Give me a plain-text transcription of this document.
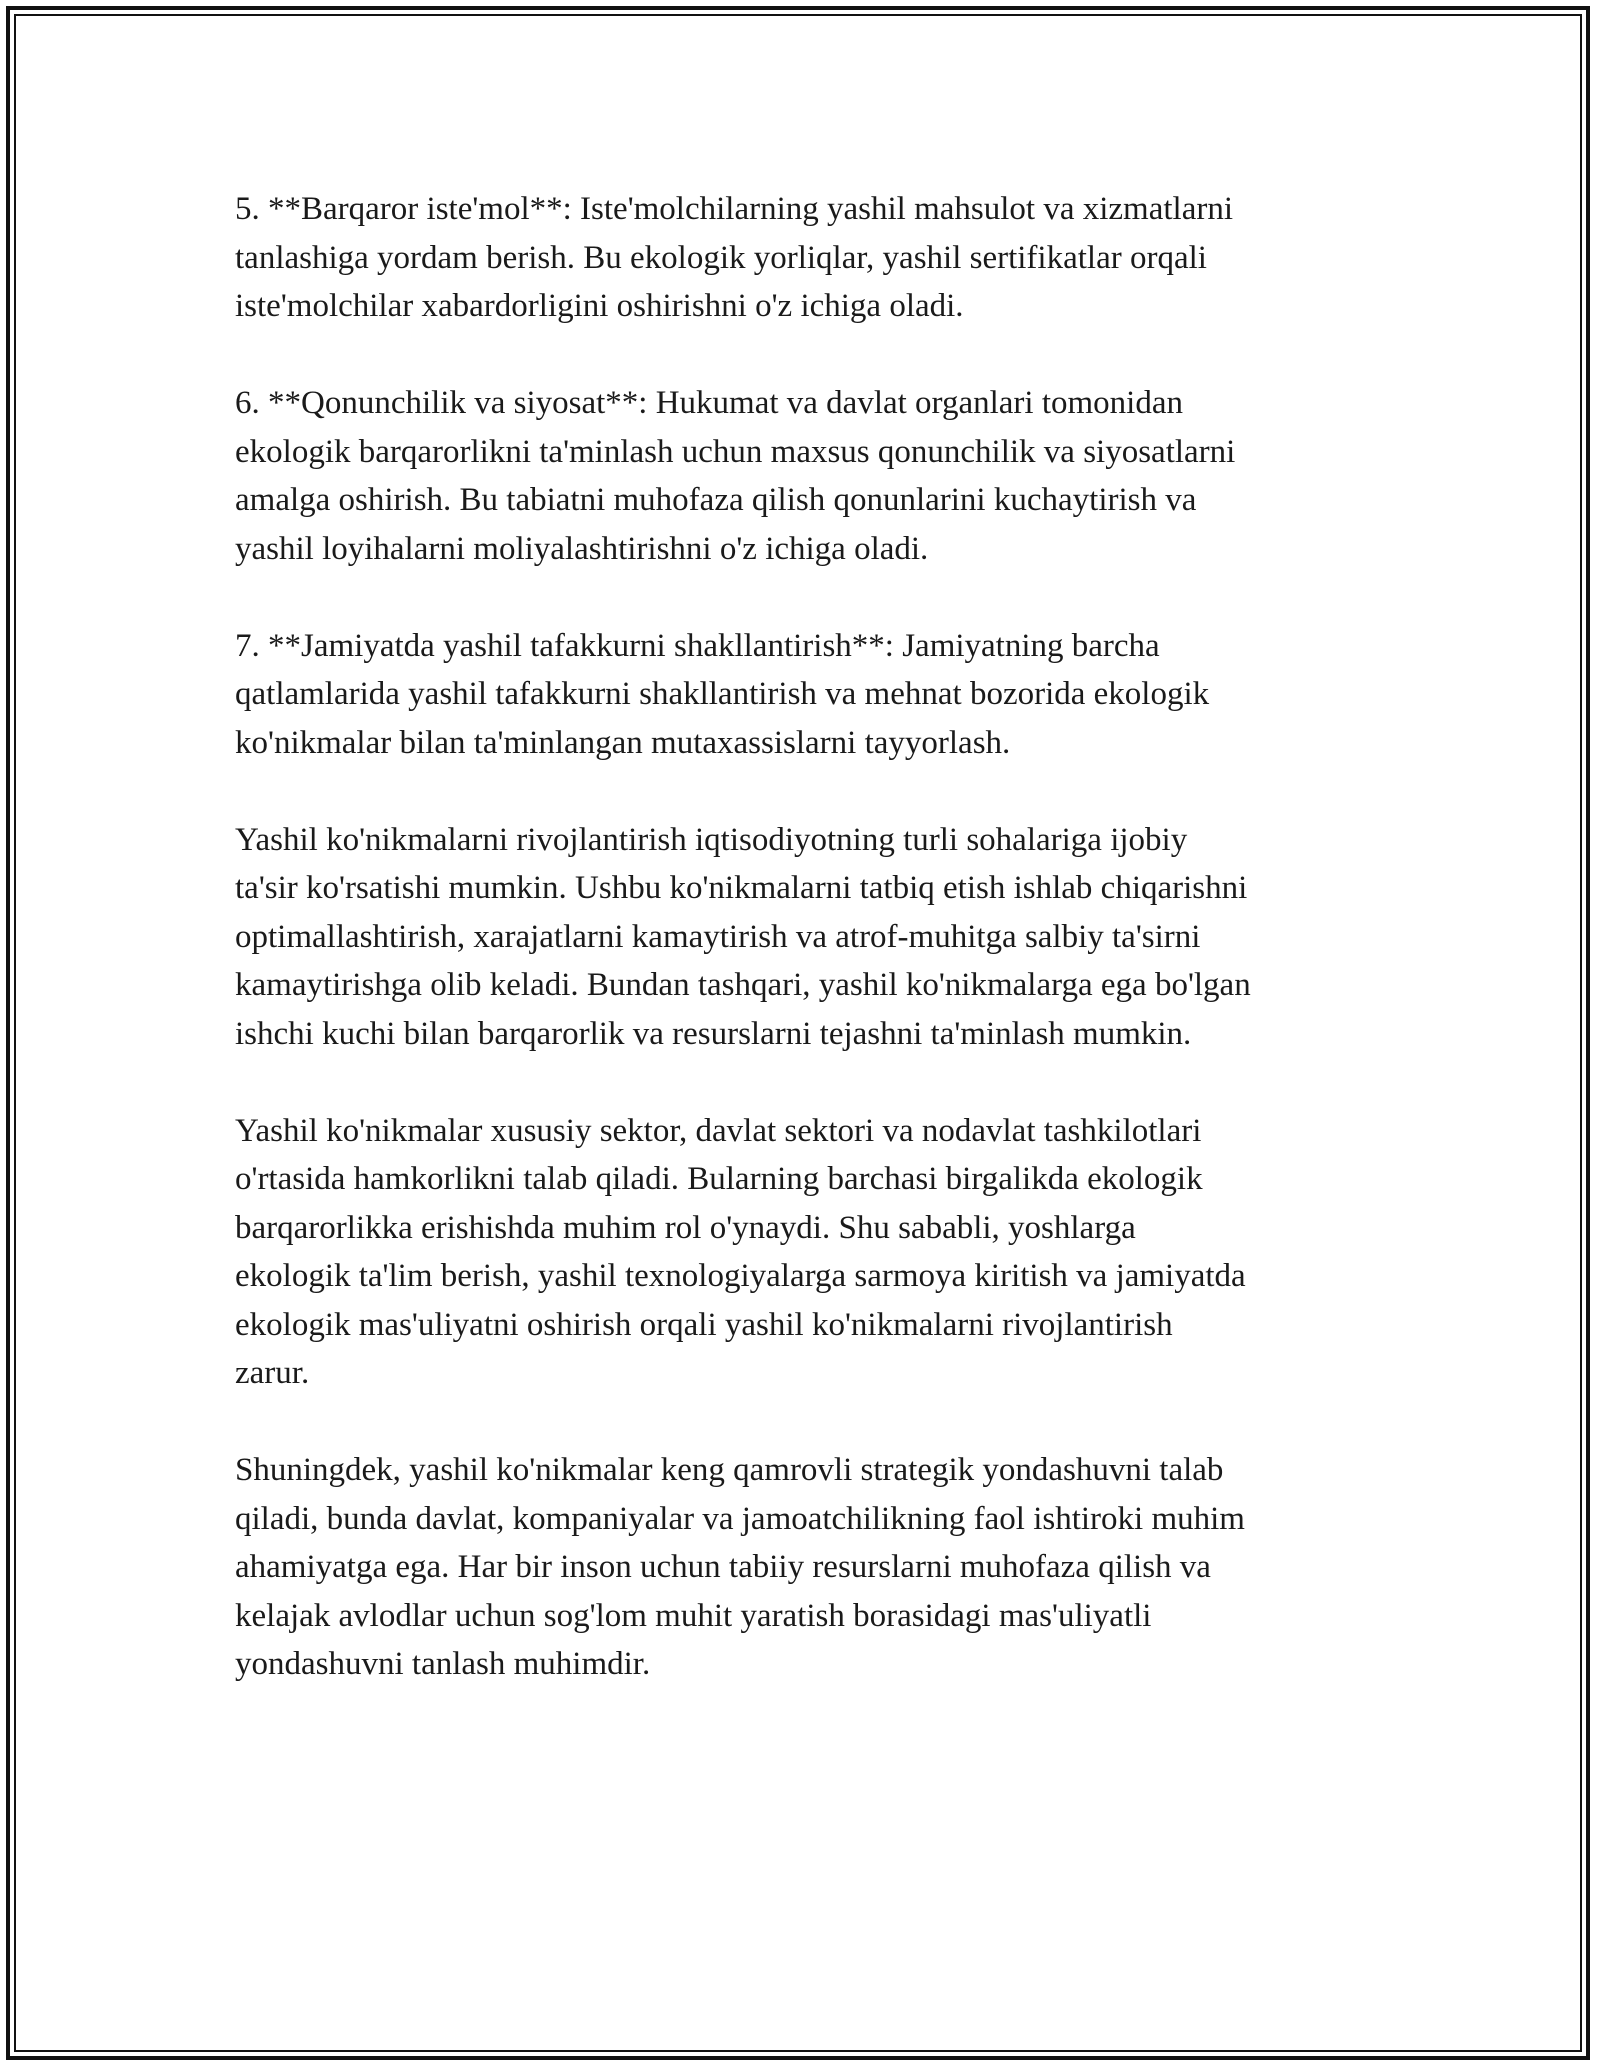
5. **Barqaror iste'mol**: Iste'molchilarning yashil mahsulot va xizmatlarni
tanlashiga yordam berish. Bu ekologik yorliqlar, yashil sertifikatlar orqali
iste'molchilar xabardorligini oshirishni o'z ichiga oladi.

6. **Qonunchilik va siyosat**: Hukumat va davlat organlari tomonidan
ekologik barqarorlikni ta'minlash uchun maxsus qonunchilik va siyosatlarni
amalga oshirish. Bu tabiatni muhofaza qilish qonunlarini kuchaytirish va
yashil loyihalarni moliyalashtirishni o'z ichiga oladi.

7. **Jamiyatda yashil tafakkurni shakllantirish**: Jamiyatning barcha
qatlamlarida yashil tafakkurni shakllantirish va mehnat bozorida ekologik
ko'nikmalar bilan ta'minlangan mutaxassislarni tayyorlash.

Yashil ko'nikmalarni rivojlantirish iqtisodiyotning turli sohalariga ijobiy
ta'sir ko'rsatishi mumkin. Ushbu ko'nikmalarni tatbiq etish ishlab chiqarishni
optimallashtirish, xarajatlarni kamaytirish va atrof-muhitga salbiy ta'sirni
kamaytirishga olib keladi. Bundan tashqari, yashil ko'nikmalarga ega bo'lgan
ishchi kuchi bilan barqarorlik va resurslarni tejashni ta'minlash mumkin.

Yashil ko'nikmalar xususiy sektor, davlat sektori va nodavlat tashkilotlari
o'rtasida hamkorlikni talab qiladi. Bularning barchasi birgalikda ekologik
barqarorlikka erishishda muhim rol o'ynaydi. Shu sababli, yoshlarga
ekologik ta'lim berish, yashil texnologiyalarga sarmoya kiritish va jamiyatda
ekologik mas'uliyatni oshirish orqali yashil ko'nikmalarni rivojlantirish
zarur.

Shuningdek, yashil ko'nikmalar keng qamrovli strategik yondashuvni talab
qiladi, bunda davlat, kompaniyalar va jamoatchilikning faol ishtiroki muhim
ahamiyatga ega. Har bir inson uchun tabiiy resurslarni muhofaza qilish va
kelajak avlodlar uchun sog'lom muhit yaratish borasidagi mas'uliyatli
yondashuvni tanlash muhimdir.
